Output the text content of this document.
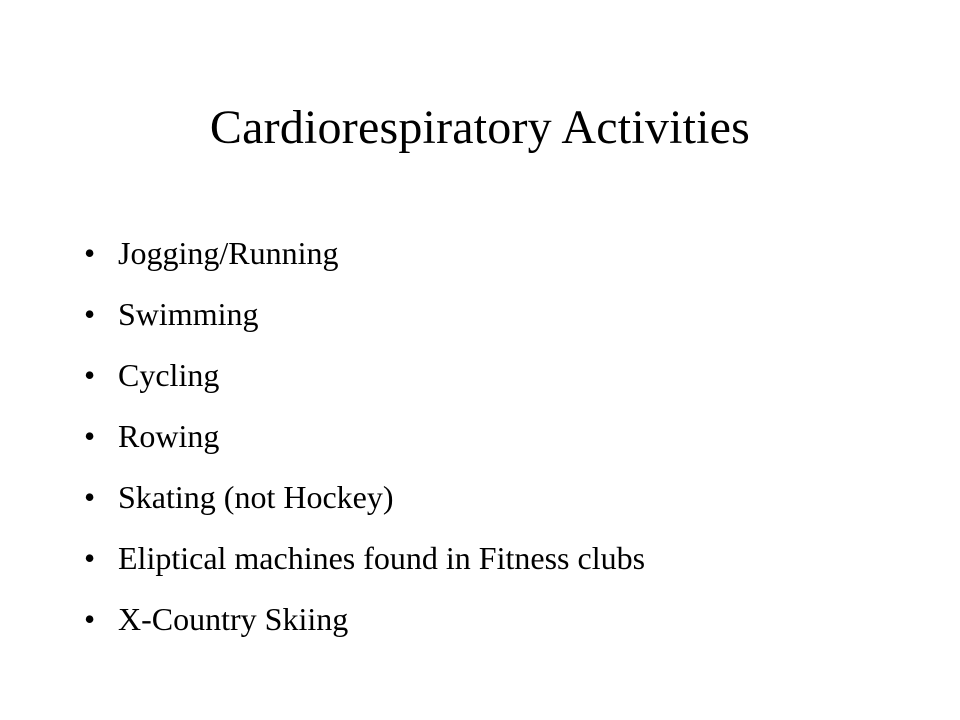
Cardiorespiratory Activities
• Jogging/Running
• Swimming
• Cycling
• Rowing
• Skating (not Hockey)
• Eliptical machines found in Fitness clubs
• X-Country Skiing
